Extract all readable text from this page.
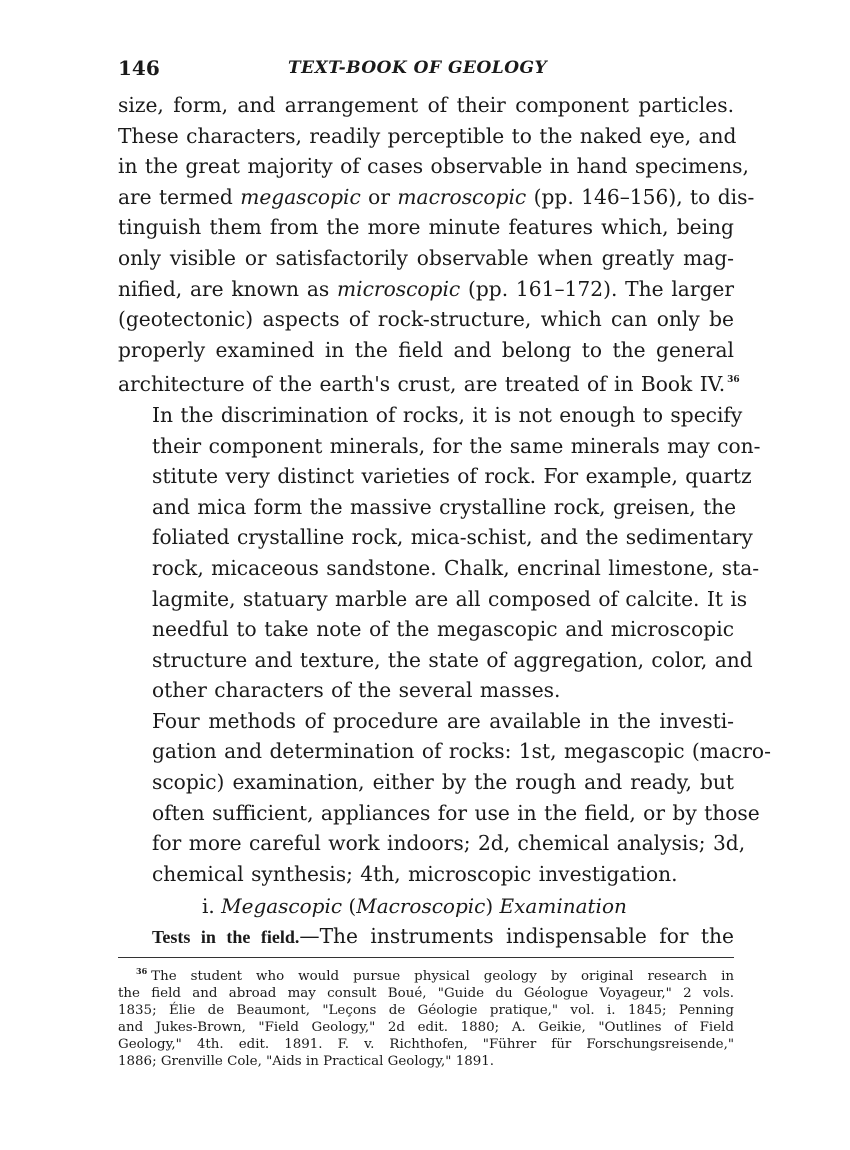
146	TEXT-BOOK OF GEOLOGY

size, form, and arrangement of their component particles.
These characters, readily perceptible to the naked eye, and
in the great majority of cases observable in hand specimens,
are termed megascopic or macroscopic (pp. 146–156), to dis-
tinguish them from the more minute features which, being
only visible or satisfactorily observable when greatly mag-
nified, are known as microscopic (pp. 161–172). The larger
(geotectonic) aspects of rock-structure, which can only be
properly examined in the field and belong to the general
architecture of the earth's crust, are treated of in Book IV. $^{36}$

In the discrimination of rocks, it is not enough to specify
their component minerals, for the same minerals may con-
stitute very distinct varieties of rock. For example, quartz
and mica form the massive crystalline rock, greisen, the
foliated crystalline rock, mica-schist, and the sedimentary
rock, micaceous sandstone. Chalk, encrinal limestone, sta-
lagmite, statuary marble are all composed of calcite. It is
needful to take note of the megascopic and microscopic
structure and texture, the state of aggregation, color, and
other characters of the several masses.

Four methods of procedure are available in the investi-
gation and determination of rocks: 1st, megascopic (macro-
scopic) examination, either by the rough and ready, but
often sufficient, appliances for use in the field, or by those
for more careful work indoors; 2d, chemical analysis; 3d,
chemical synthesis; 4th, microscopic investigation.

i. Megascopic (Macroscopic) Examination

Tests in the field.—The instruments indispensable for the

$^{36}$ The student who would pursue physical geology by original research in
the field and abroad may consult Boué, "Guide du Géologue Voyageur," 2 vols.
1835; Élie de Beaumont, "Leçons de Géologie pratique," vol. i. 1845; Penning
and Jukes-Brown, "Field Geology," 2d edit. 1880; A. Geikie, "Outlines of Field
Geology," 4th. edit. 1891. F. v. Richthofen, "Führer für Forschungsreisende,"
1886; Grenville Cole, "Aids in Practical Geology," 1891.
